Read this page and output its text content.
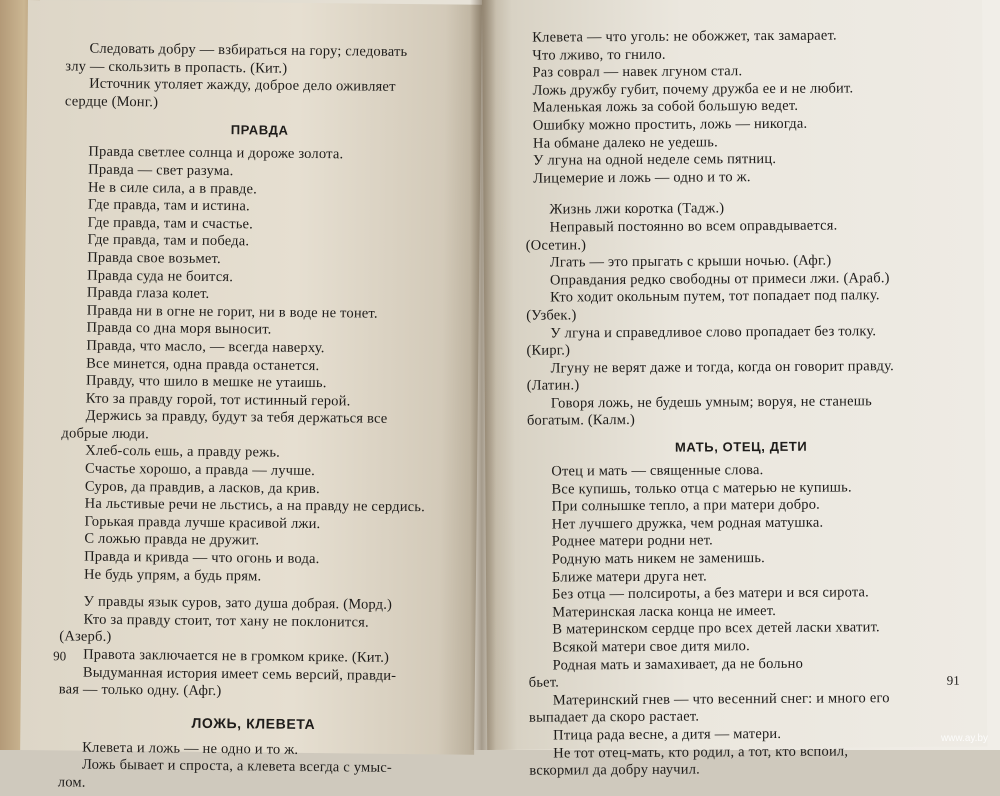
Следовать добру — взбираться на гору; следовать
злу — скользить в пропасть. (Кит.)
Источник утоляет жажду, доброе дело оживляет
сердце (Монг.)
ПРАВДА
Правда светлее солнца и дороже золота.
Правда — свет разума.
Не в силе сила, а в правде.
Где правда, там и истина.
Где правда, там и счастье.
Где правда, там и победа.
Правда свое возьмет.
Правда суда не боится.
Правда глаза колет.
Правда ни в огне не горит, ни в воде не тонет.
Правда со дна моря выносит.
Правда, что масло, — всегда наверху.
Все минется, одна правда останется.
Правду, что шило в мешке не утаишь.
Кто за правду горой, тот истинный герой.
Держись за правду, будут за тебя держаться все
добрые люди.
Хлеб-соль ешь, а правду режь.
Счастье хорошо, а правда — лучше.
Суров, да правдив, а ласков, да крив.
На льстивые речи не льстись, а на правду не сердись.
Горькая правда лучше красивой лжи.
С ложью правда не дружит.
Правда и кривда — что огонь и вода.
Не будь упрям, а будь прям.
У правды язык суров, зато душа добрая. (Морд.)
Кто за правду стоит, тот хану не поклонится.
(Азерб.)
Правота заключается не в громком крике. (Кит.)
Выдуманная история имеет семь версий, правди-
вая — только одну. (Афг.)
ЛОЖЬ, КЛЕВЕТА
Клевета и ложь — не одно и то ж.
Ложь бывает и спроста, а клевета всегда с умыс-
лом.
90
Клевета — что уголь: не обожжет, так замарает.
Что лживо, то гнило.
Раз соврал — навек лгуном стал.
Ложь дружбу губит, почему дружба ее и не любит.
Маленькая ложь за собой большую ведет.
Ошибку можно простить, ложь — никогда.
На обмане далеко не уедешь.
У лгуна на одной неделе семь пятниц.
Лицемерие и ложь — одно и то ж.
Жизнь лжи коротка (Тадж.)
Неправый постоянно во всем оправдывается.
(Осетин.)
Лгать — это прыгать с крыши ночью. (Афг.)
Оправдания редко свободны от примеси лжи. (Араб.)
Кто ходит окольным путем, тот попадает под палку.
(Узбек.)
У лгуна и справедливое слово пропадает без толку.
(Кирг.)
Лгуну не верят даже и тогда, когда он говорит правду.
(Латин.)
Говоря ложь, не будешь умным; воруя, не станешь
богатым. (Калм.)
МАТЬ, ОТЕЦ, ДЕТИ
Отец и мать — священные слова.
Все купишь, только отца с матерью не купишь.
При солнышке тепло, а при матери добро.
Нет лучшего дружка, чем родная матушка.
Роднее матери родни нет.
Родную мать никем не заменишь.
Ближе матери друга нет.
Без отца — полсироты, а без матери и вся сирота.
Материнская ласка конца не имеет.
В материнском сердце про всех детей ласки хватит.
Всякой матери свое дитя мило.
Родная мать и замахивает, да не больно
бьет.
Материнский гнев — что весенний снег: и много его
выпадает да скоро растает.
Птица рада весне, а дитя — матери.
Не тот отец-мать, кто родил, а тот, кто вспоил,
вскормил да добру научил.
91
www.ay.by
